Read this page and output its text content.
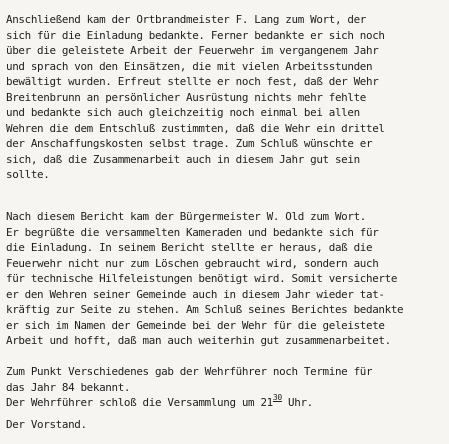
Anschließend kam der Ortbrandmeister F. Lang zum Wort, der
sich für die Einladung bedankte. Ferner bedankte er sich noch
über die geleistete Arbeit der Feuerwehr im vergangenem Jahr
und sprach von den Einsätzen, die mit vielen Arbeitsstunden
bewältigt wurden. Erfreut stellte er noch fest, daß der Wehr
Breitenbrunn an persönlicher Ausrüstung nichts mehr fehlte
und bedankte sich auch gleichzeitig noch einmal bei allen
Wehren die dem Entschluß zustimmten, daß die Wehr ein drittel
der Anschaffungskosten selbst trage. Zum Schluß wünschte er
sich, daß die Zusammenarbeit auch in diesem Jahr gut sein
sollte.
Nach diesem Bericht kam der Bürgermeister W. Old zum Wort.
Er begrüßte die versammelten Kameraden und bedankte sich für
die Einladung. In seinem Bericht stellte er heraus, daß die
Feuerwehr nicht nur zum Löschen gebraucht wird, sondern auch
für technische Hilfeleistungen benötigt wird. Somit versicherte
er den Wehren seiner Gemeinde auch in diesem Jahr wieder tat-
kräftig zur Seite zu stehen. Am Schluß seines Berichtes bedankte
er sich im Namen der Gemeinde bei der Wehr für die geleistete
Arbeit und hofft, daß man auch weiterhin gut zusammenarbeitet.
Zum Punkt Verschiedenes gab der Wehrführer noch Termine für
das Jahr 84 bekannt.
Der Wehrführer schloß die Versammlung um $21^{30}$ Uhr.
Der Vorstand.
